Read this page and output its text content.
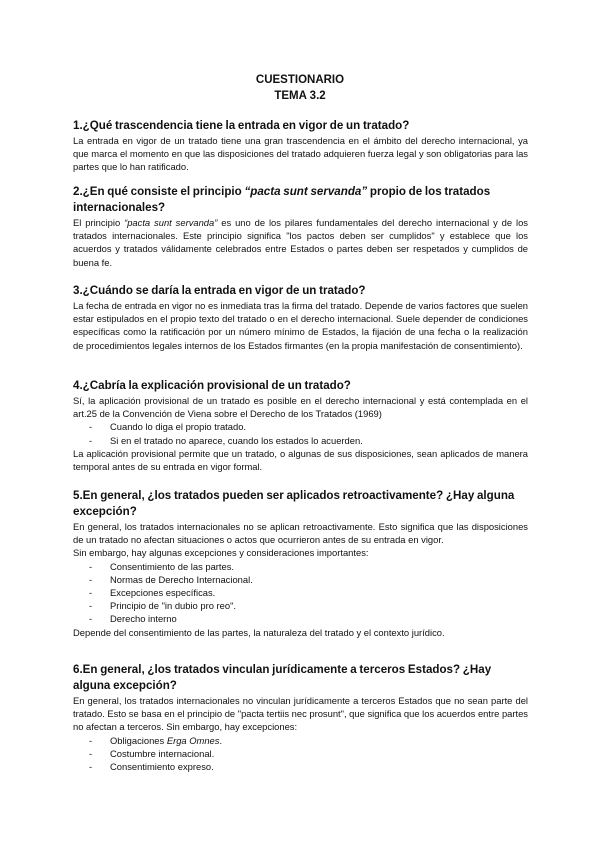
CUESTIONARIO
TEMA 3.2

1.¿Qué trascendencia tiene la entrada en vigor de un tratado?

La entrada en vigor de un tratado tiene una gran trascendencia en el ámbito del derecho internacional, ya que marca el momento en que las disposiciones del tratado adquieren fuerza legal y son obligatorias para las partes que lo han ratificado.

2.¿En qué consiste el principio “pacta sunt servanda” propio de los tratados internacionales?

El principio “pacta sunt servanda” es uno de los pilares fundamentales del derecho internacional y de los tratados internacionales. Este principio significa "los pactos deben ser cumplidos" y establece que los acuerdos y tratados válidamente celebrados entre Estados o partes deben ser respetados y cumplidos de buena fe.

3.¿Cuándo se daría la entrada en vigor de un tratado?

La fecha de entrada en vigor no es inmediata tras la firma del tratado. Depende de varios factores que suelen estar estipulados en el propio texto del tratado o en el derecho internacional. Suele depender de condiciones específicas como la ratificación por un número mínimo de Estados, la fijación de una fecha o la realización de procedimientos legales internos de los Estados firmantes (en la propia manifestación de consentimiento).

4.¿Cabría la explicación provisional de un tratado?

Sí, la aplicación provisional de un tratado es posible en el derecho internacional y está contemplada en el art.25 de la Convención de Viena sobre el Derecho de los Tratados (1969)

- Cuando lo diga el propio tratado.
- Si en el tratado no aparece, cuando los estados lo acuerden.

La aplicación provisional permite que un tratado, o algunas de sus disposiciones, sean aplicados de manera temporal antes de su entrada en vigor formal.

5.En general, ¿los tratados pueden ser aplicados retroactivamente? ¿Hay alguna excepción?

En general, los tratados internacionales no se aplican retroactivamente. Esto significa que las disposiciones de un tratado no afectan situaciones o actos que ocurrieron antes de su entrada en vigor.

Sin embargo, hay algunas excepciones y consideraciones importantes:

- Consentimiento de las partes.
- Normas de Derecho Internacional.
- Excepciones específicas.
- Principio de "in dubio pro reo".
- Derecho interno

Depende del consentimiento de las partes, la naturaleza del tratado y el contexto jurídico.

6.En general, ¿los tratados vinculan jurídicamente a terceros Estados? ¿Hay alguna excepción?

En general, los tratados internacionales no vinculan jurídicamente a terceros Estados que no sean parte del tratado. Esto se basa en el principio de "pacta tertiis nec prosunt", que significa que los acuerdos entre partes no afectan a terceros. Sin embargo, hay excepciones:

- Obligaciones Erga Omnes.
- Costumbre internacional.
- Consentimiento expreso.
